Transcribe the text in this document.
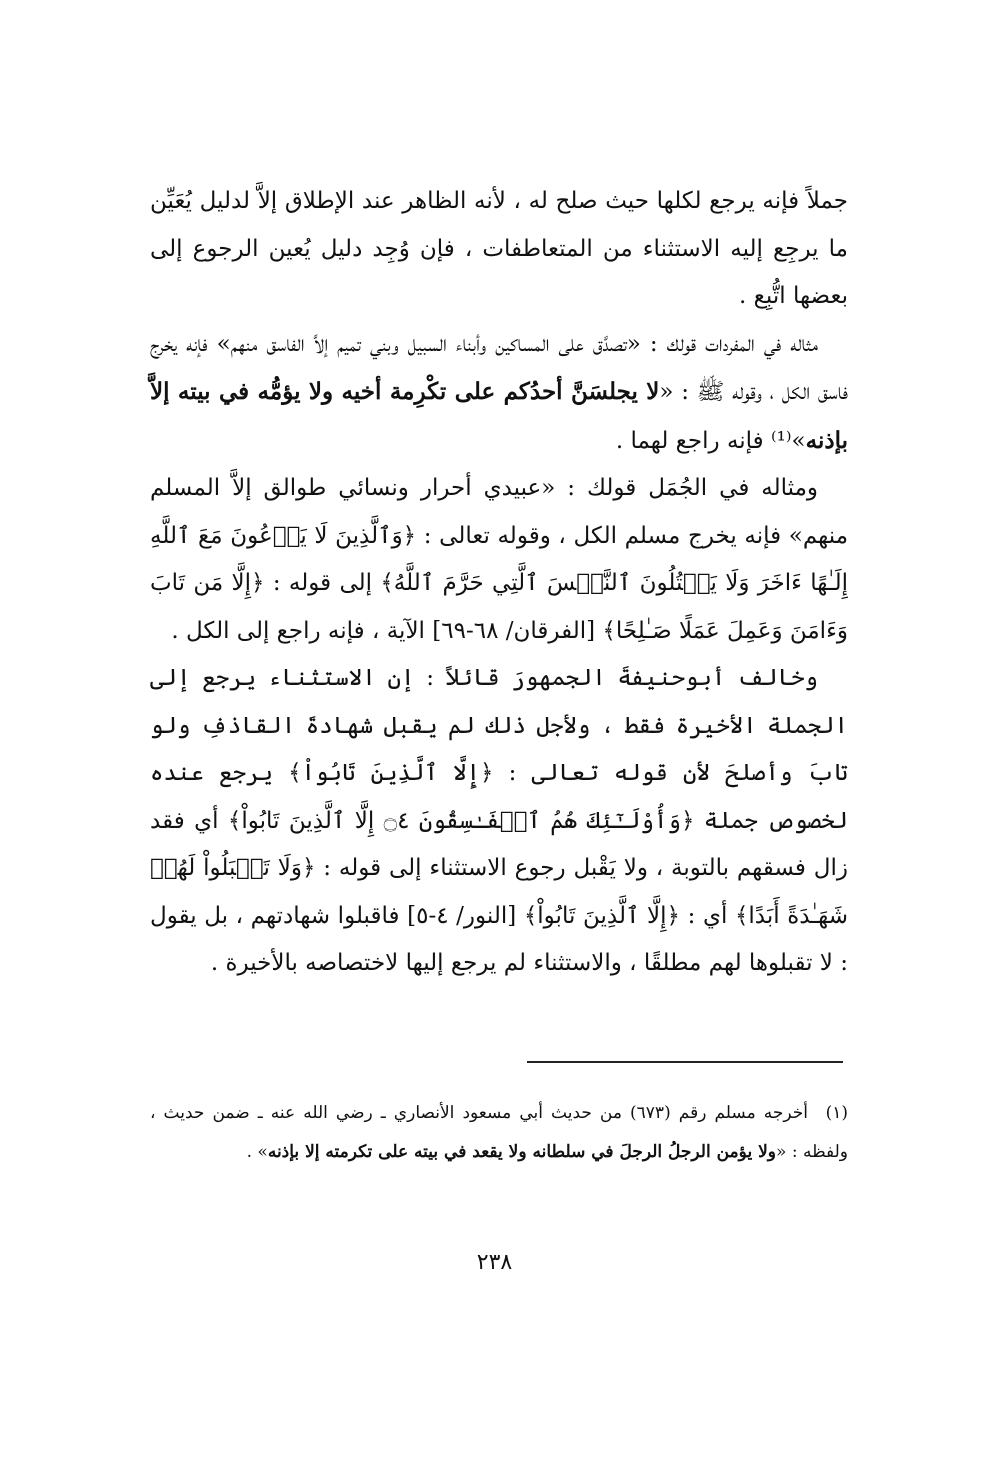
جملاً فإنه يرجع لكلها حيث صلح له ، لأنه الظاهر عند الإطلاق إلاَّ لدليل يُعَيِّن ما يرجِع إليه الاستثناء من المتعاطفات ، فإن وُجِد دليل يُعين الرجوع إلى بعضها اتُّبِع .

مثاله في المفردات قولك : «تصدَّق على المساكين وأبناء السبيل وبني تميم إلاَّ الفاسق منهم» فإنه يخرج فاسق الكل ، وقوله ﷺ : «لا يجلسَنَّ أحدُكم على تكْرِمة أخيه ولا يؤمُّه في بيته إلاَّ بإذنه»⁽¹⁾ فإنه راجع لهما .

ومثاله في الجُمَل قولك : «عبيدي أحرار ونسائي طوالق إلاَّ المسلم منهم» فإنه يخرج مسلم الكل ، وقوله تعالى : ﴿وَٱلَّذِينَ لَا يَدۡعُونَ مَعَ ٱللَّهِ إِلَـٰهًا ءَاخَرَ وَلَا يَقۡتُلُونَ ٱلنَّفۡسَ ٱلَّتِي حَرَّمَ ٱللَّهُ﴾ إلى قوله : ﴿إِلَّا مَن تَابَ وَءَامَنَ وَعَمِلَ عَمَلًا صَـٰلِحًا﴾ [الفرقان/ ٦٨-٦٩] الآية ، فإنه راجع إلى الكل .

وخالف أبوحنيفةَ الجمهورَ قائلاً : إن الاستثناء يرجع إلى الجملة الأخيرة فقط ، ولأجل ذلك لم يقبل شهادةَ القاذفِ ولو تابَ وأصلحَ لأن قوله تعالى : ﴿إِلَّا ٱلَّذِينَ تَابُواْ﴾ يرجع عنده لخصوص جملة ﴿وَأُوْلَـٰٓئِكَ هُمُ ٱلۡفَـٰسِقُونَ ۝٤ إِلَّا ٱلَّذِينَ تَابُواْ﴾ أي فقد زال فسقهم بالتوبة ، ولا يَقْبل رجوع الاستثناء إلى قوله : ﴿وَلَا تَقۡبَلُواْ لَهُمۡ شَهَـٰدَةً أَبَدًا﴾ أي : ﴿إِلَّا ٱلَّذِينَ تَابُواْ﴾ [النور/ ٤-٥] فاقبلوا شهادتهم ، بل يقول : لا تقبلوها لهم مطلقًا ، والاستثناء لم يرجع إليها لاختصاصه بالأخيرة .

(١)أخرجه مسلم رقم (٦٧٣) من حديث أبي مسعود الأنصاري ـ رضي الله عنه ـ ضمن حديث ، ولفظه : «ولا يؤمن الرجلُ الرجلَ في سلطانه ولا يقعد في بيته على تكرمته إلا بإذنه» .

٢٣٨
